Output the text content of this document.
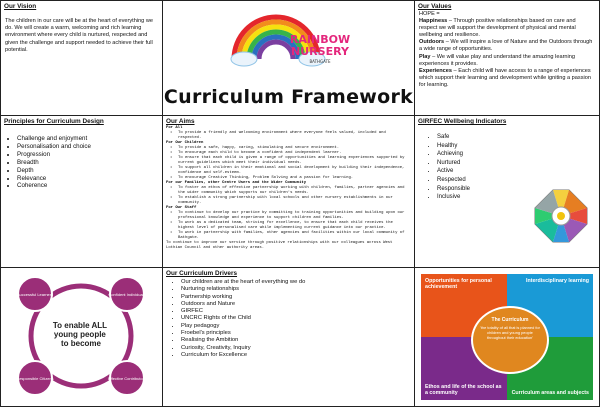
Our Vision

The children in our care will be at the heart of everything we do. We will create a warm, welcoming and rich learning environment where every child is nurtured, respected and given the challenge and support needed to achieve their full potential.

RAINBOW
NURSERY
BATHGATE
Curriculum Framework
Our Values
HOPE =
Happiness – Through positive relationships based on care and respect we will support the development of physical and mental wellbeing and resilience.
Outdoors – We will inspire a love of Nature and the Outdoors through a wide range of opportunities.
Play – We will value play and understand the amazing learning experiences it provides.
Experiences – Each child will have access to a range of experiences which support their learning and development while igniting a passion for learning.
Principles for Curriculum Design
• Challenge and enjoyment
• Personalisation and choice
• Progression
• Breadth
• Depth
• Relevance
• Coherence
Our Aims
For All
• To provide a friendly and welcoming environment where everyone feels valued, included and respected.
For Our Children
• To provide a safe, happy, caring, stimulating and secure environment.
• To encourage each child to become a confident and independent learner.
• To ensure that each child is given a range of opportunities and learning experiences supported by current guidelines which meet their individual needs.
• To support all children in their emotional and social development by building their independence, confidence and self-esteem.
• To encourage Creative Thinking, Problem Solving and a passion for learning.
For our Families, other Centre Users and the Wider Community
• To foster an ethos of effective partnership working with children, families, partner agencies and the wider community which supports our children's needs.
• To establish a strong partnership with local schools and other nursery establishments in our community.
For Our Staff
• To continue to develop our practice by committing to training opportunities and building upon our professional knowledge and experience to support children and families.
• To work as a dedicated team, striving for excellence, to ensure that each child receives the highest level of personalised care while implementing current guidance into our practice.
• To work in partnership with families, other agencies and facilities within our local community of Bathgate.
To continue to improve our service through positive relationships with our colleagues across West Lothian Council and other authority areas.
GIRFEC Wellbeing Indicators
• Safe
• Healthy
• Achieving
• Nurtured
• Active
• Respected
• Responsible
• Inclusive
To enable ALL young people to become
Successful Learners	Confident Individuals
Responsible Citizens	Effective Contributors
Our Curriculum Drivers
• Our children are at the heart of everything we do
• Nurturing relationships
• Partnership working
• Outdoors and Nature
• GIRFEC
• UNCRC Rights of the Child
• Play pedagogy
• Froebel's principles
• Realising the Ambition
• Curiosity, Creativity, Inquiry
• Curriculum for Excellence
Opportunities for personal achievement
Interdisciplinary learning
Ethos and life of the school as a community	Curriculum areas and subjects
The Curriculum
'the totality of all that is planned for children and young people throughout their education'
